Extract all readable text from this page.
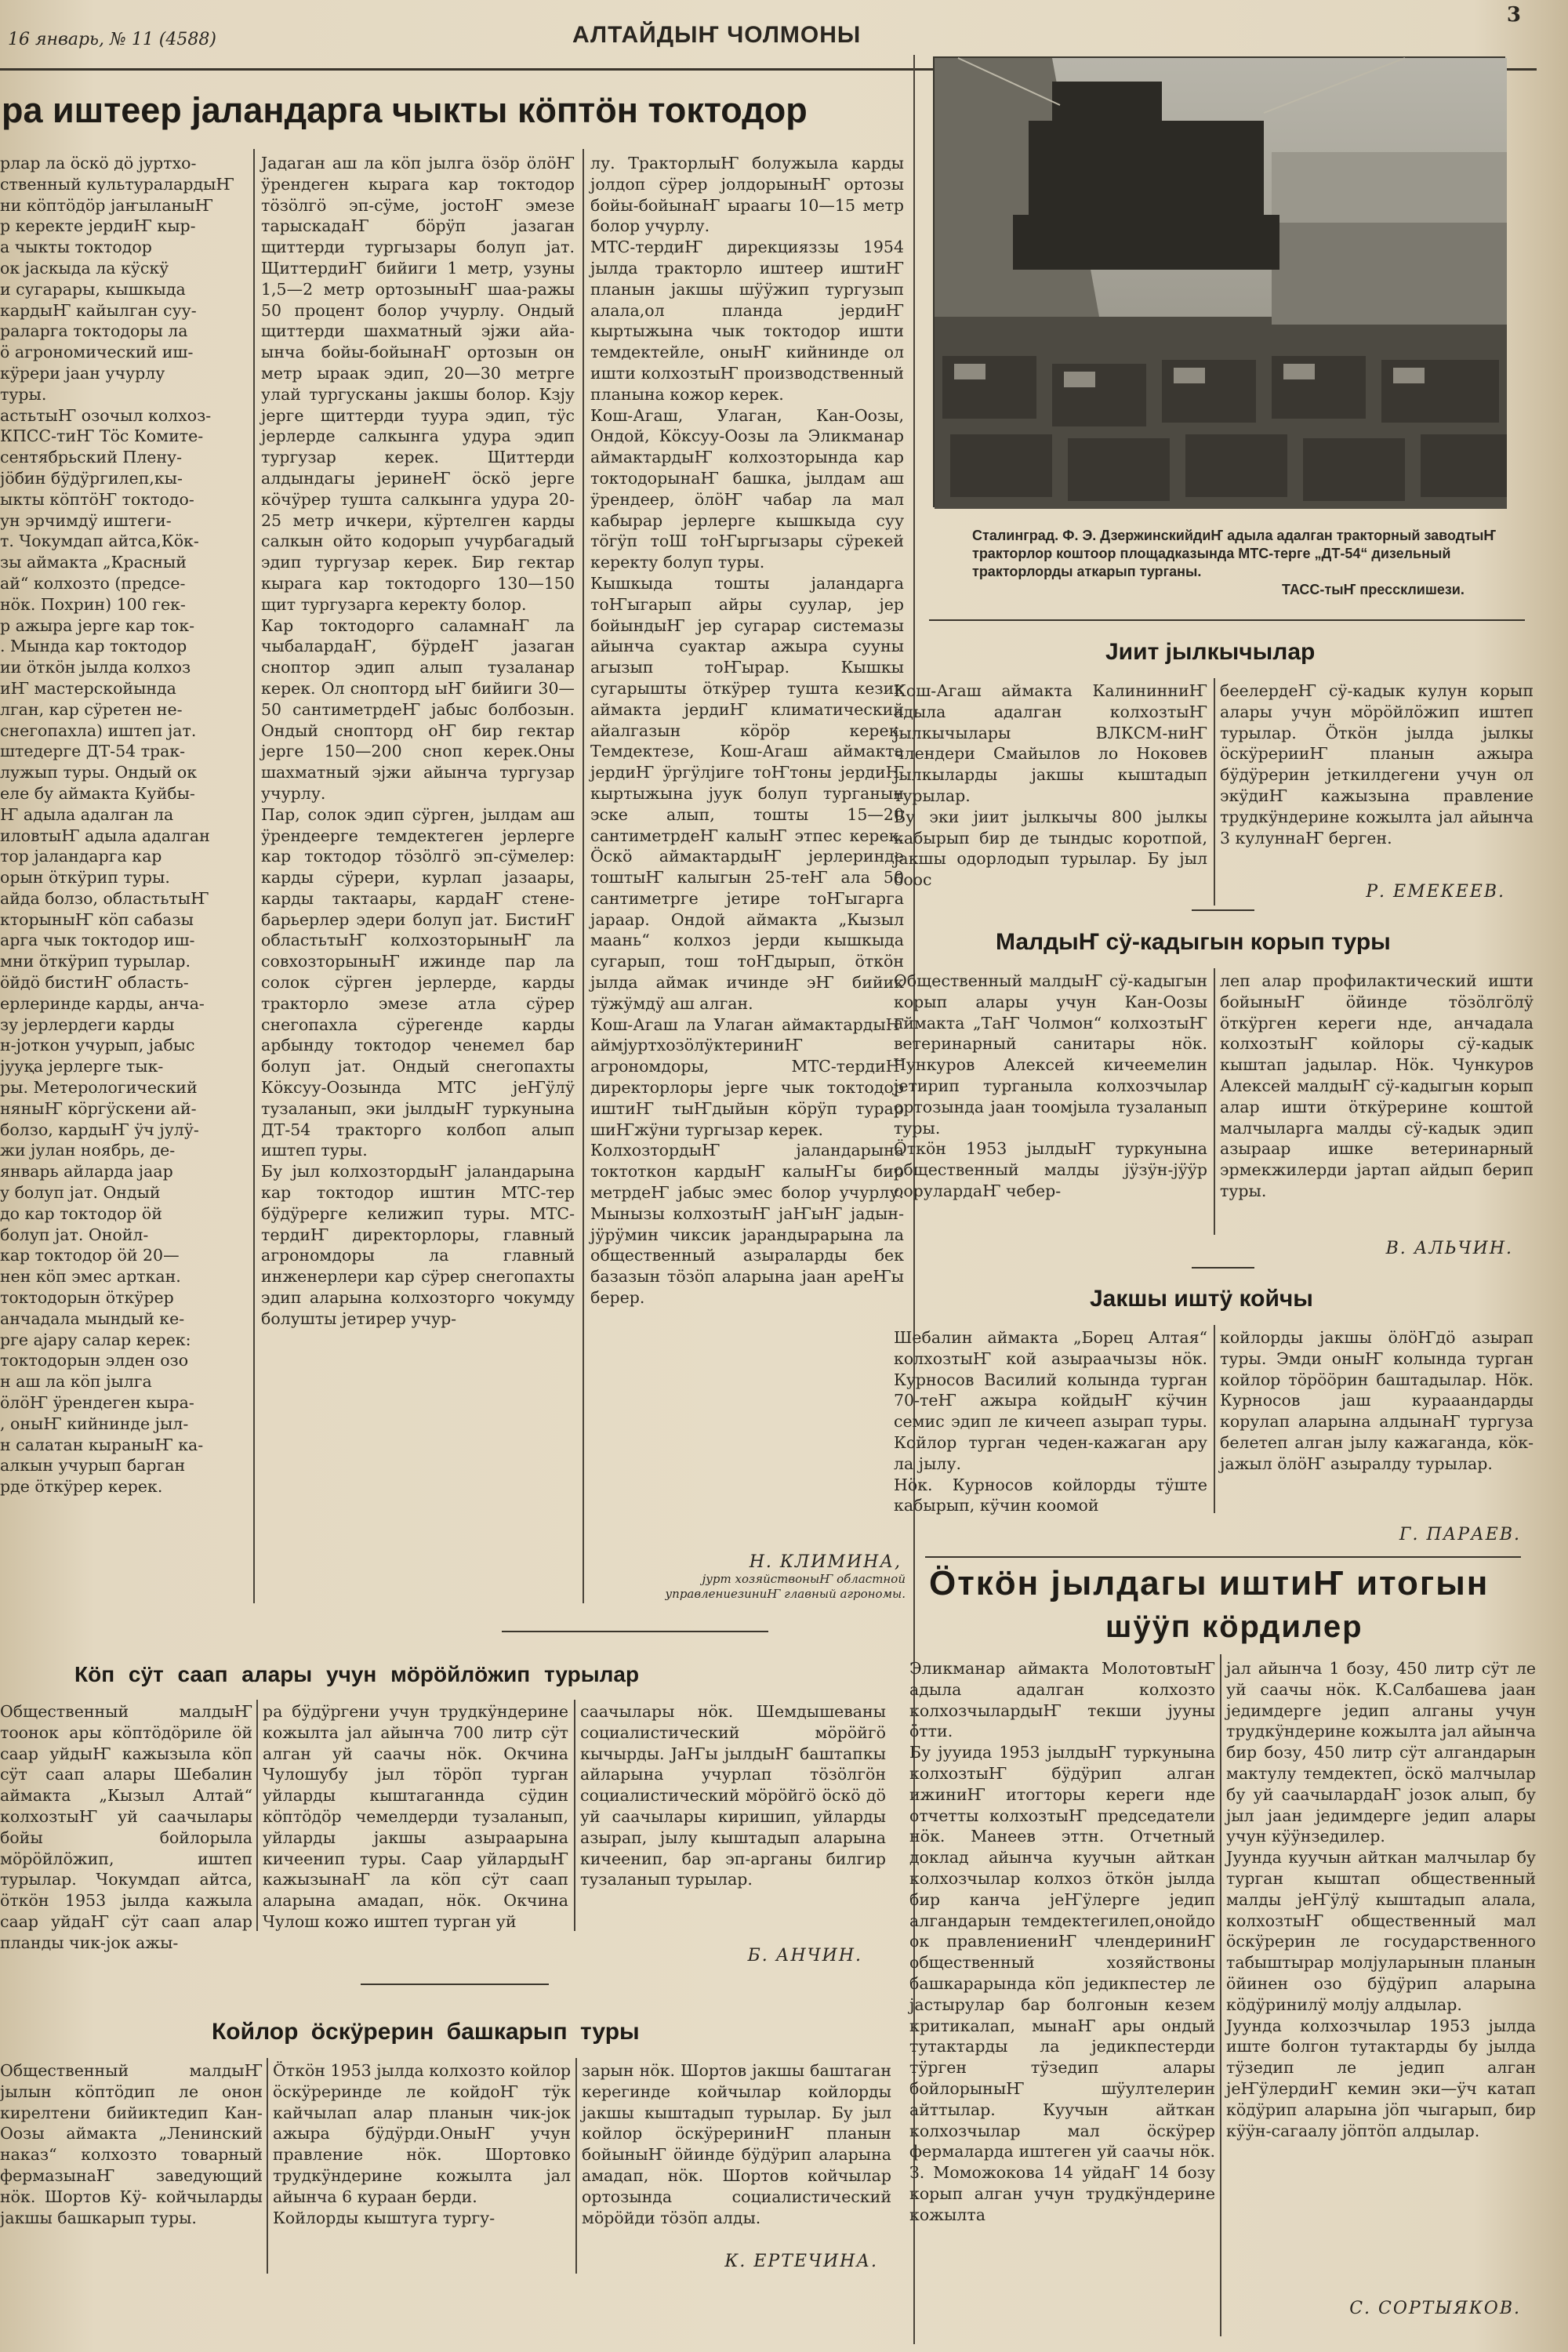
16 январь, № 11 (4588)	АЛТАЙДЫҤ ЧОЛМОНЫ
3
ра иштеер јаландарга чыкты кӧптӧн токтодор
рлар ла ӧскӧ дӧ јуртхо-
ственный культуралардыҤ
ни кӧптӧдӧр јаҥыланыҤ
р керекте јердиҤ кыр-
а чыкты токтодор
ок јаскыда ла кӱскӱ
и сугарары, кышкыда
кардыҤ кайылган суу-
раларга токтодоры ла
ӧ агрономический иш-
кӱрери јаан учурлу
туры.
астьтыҤ озочыл колхоз-
КПСС-тиҤ Тӧс Комите-
сентябрьский Плену-
јӧбин бӱдӱргилеп,кы-
ыкты кӧптӧҤ токтодо-
ун эрчимдӱ иштеги-
т. Чокумдап айтса,Кӧк-
зы аймакта „Красный
ай“ колхозто (предсе-
нӧк. Похрин) 100 гек-
р ажыра јерге кар ток-
. Мында кар токтодор
ии ӧткӧн јылда колхоз
иҤ мастерскойында
лган, кар сӱретен не-
снегопахла) иштеп јат.
штедерге ДТ-54 трак-
лужып туры. Ондый ок
еле бу аймакта Куйбы-
Ҥ адыла адалган ла
иловтыҤ адыла адалган
тор јаландарга кар
орын ӧткӱрип туры.
айда болзо, областьтыҤ
кторыныҤ кӧп сабазы
арга чык токтодор иш-
мни ӧткӱрип турылар.
ӧйдӧ бистиҤ область-
ерлеринде карды, анча-
зу јерлердеги карды
н-јоткон учурып, јабыс
јууқа јерлерге тык-
ры. Метерологический
няныҤ кӧргӱскени ай-
болзо, кардыҤ ӱч јулӱ-
жи јулан ноябрь, де-
январь айларда јаар
у болуп јат. Ондый
до кар токтодор ӧй
болуп јат. Онойл-
кар токтодор ӧй 20—
нен кӧп эмес арткан.
токтодорын ӧткӱрер
анчадала мындый ке-
рге ајару салар керек:
токтодорын элден озо
н аш ла кӧп јылга
ӧлӧҤ ӱрендеген кыра-
, оныҤ кийнинде јыл-
н салатан кыраныҤ ка-
алкын учурып барган
рде ӧткӱрер керек.
Јадаган аш ла кӧп јылга ӧзӧр ӧлӧҤ ӱрендеген кырага кар токтодор тӧзӧлгӧ эп-сӱме, јостоҤ эмезе тарыскадаҤ бӧрӱп јазаган щиттерди тургызары болуп јат. ЩиттердиҤ бийиги 1 метр, узуны 1,5—2 метр ортозыныҤ шаа-ражы 50 процент болор учурлу. Ондый щиттерди шахматный эјжи айа-ынча бойы-бойынаҤ ортозын он метр ыраак эдип, 20—30 метрге улай тургусканы јакшы болор. Кзју јерге щиттерди туура эдип, тӱс јерлерде салкынга удура эдип тургузар керек. Щиттерди алдындагы јеринеҤ ӧскӧ јерге кӧчӱрер тушта салкынга удура 20-25 метр ичкери, кӱртелген карды салкын ойто кодорып учурбагадый эдип тургузар керек. Бир гектар кырага кар токтодорго 130—150 щит тургузарга керекту болор.
Кар токтодорго саламнаҤ ла чыбалардаҤ, бӱрдеҤ јазаган сноптор эдип алып тузаланар керек. Ол снопторд ыҤ бийиги 30—50 сантиметрдеҤ јабыс болбозын. Ондый снопторд оҤ бир гектар јерге 150—200 сноп керек.Оны шахматный эјжи айынча тургузар учурлу.
Пар, солок эдип сӱрген, јылдам аш ӱрендеерге темдектеген јерлерге кар токтодор тӧзӧлгӧ эп-сӱмелер: карды сӱрери, курлап јазаары, карды тактаары, кардаҤ стене-барьерлер эдери болуп јат. БистиҤ областьтыҤ колхозторыныҤ ла совхозторыныҤ ижинде пар ла солок сӱрген јерлерде, карды тракторло эмезе атла сӱрер снегопахла сӱрегенде карды арбынду токтодор ченемел бар болуп јат. Ондый снегопахты Кӧксуу-Оозында МТС јеҤӱлӱ тузаланып, эки јылдыҤ туркунына ДТ-54 тракторго колбоп алып иштеп туры.
Бу јыл колхозтордыҤ јаландарына кар токтодор иштин МТС-тер бӱдӱрерге келижип туры. МТС-тердиҤ директорлоры, главный агрономдоры ла главный инженерлери кар сӱрер снегопахты эдип аларына колхозторго чокумду болушты јетирер учур-
лу. ТракторлыҤ болужыла карды јолдоп сӱрер јолдорыныҤ ортозы бойы-бойынаҤ ыраагы 10—15 метр болор учурлу.
МТС-тердиҤ дирекцияззы 1954 јылда тракторло иштеер иштиҤ планын јакшы шӱӱжип тургузып алала,ол планда јердиҤ кыртыжына чык токтодор ишти темдектейле, оныҤ кийнинде ол ишти колхозтыҤ производственный планына кожор керек.
Кош-Агаш, Улаган, Кан-Оозы, Ондой, Кӧксуу-Оозы ла Эликманар аймактардыҤ колхозторында кар токтодорынаҤ башка, јылдам аш ӱрендеер, ӧлӧҤ чабар ла мал кабырар јерлерге кышкыда суу тӧгӱп тоШ тоҤыргызары сӱрекей керекту болуп туры.
Кышкыда тошты јаландарга тоҤыгарып айры суулар, јер бойындыҤ јер сугарар системазы айынча суактар ажыра сууны агызып тоҤырар. Кышкы сугарышты ӧткӱрер тушта кезик аймакта јердиҤ климатический айалгазын кӧрӧр керек. Темдектезе, Кош-Агаш аймакта јердиҤ ӱргӱлјиге тоҤтоны јердиҤ кыртыжына јуук болуп турганын эске алып, тошты 15—20 сантиметрдеҤ калыҤ этпес керек. Ӧскӧ аймактардыҤ јерлеринде тоштыҤ калыгын 25-теҤ ала 50 сантиметрге јетире тоҤыгарга јараар. Ондой аймакта „Кызыл маань“ колхоз јерди кышкыда сугарып, тош тоҤдырып, ӧткӧн јылда аймак ичинде эҤ бийик тӱжӱмдӱ аш алган.
Кош-Агаш ла Улаган аймактардыҤ аймјуртхозӧлӱктериниҤ агрономдоры, МТС-тердиҤ директорлоры јерге чык токтодор иштиҤ тыҤдыйын кӧрӱп турар шиҤжӱни тургызар керек.
КолхозтордыҤ јаландарына токтоткон кардыҤ калыҤы бир метрдеҤ јабыс эмес болор учурлу. Мынызы колхозтыҤ јаҤыҤ јадын-јӱрӱмин чиксик јарандырарына ла общественный азыраларды бек базазын тӧзӧп аларына јаан ареҤы берер.
Н. КЛИМИНА,
јурт хозяйствоныҤ областной управлениезиниҤ главный агрономы.
Сталинград. Ф. Э. ДзержинскийдиҤ адыла адалган тракторный заводтыҤ тракторлор коштоор площадказында МТС-терге „ДТ-54“ дизельный тракторлорды аткарып турганы.
ТАСС-тыҤ прессклишези.
Јиит јылкычылар
Кош-Агаш аймакта КалининниҤ адыла адалган колхозтыҤ јылкычылары ВЛКСМ-ниҤ члендери Смайылов ло Ноковев јылкыларды јакшы кыштадып турылар.
Бу эки јиит јылкычы 800 јылкы кабырып бир де тындыс коротпой, јакшы одорлодып турылар. Бу јыл боос
беелердеҤ сӱ-кадык кулун корып алары учун мӧрӧйлӧжип иштеп турылар. Ӧткӧн јылда јылкы ӧскӱрерииҤ планын ажыра бӱдӱрерин јеткилдегени учун ол экӱдиҤ кажызына правление трудкӱндерине кожылта јал айынча 3 кулуннаҤ берген.
Р. ЕМЕКЕЕВ.
МалдыҤ сӱ-кадыгын корып туры
Общественный малдыҤ сӱ-кадыгын корып алары учун Кан-Оозы аймакта „ТаҤ Чолмон“ колхозтыҤ ветеринарный санитары нӧк. Чункуров Алексей кичеемелин јетирип турганыла колхозчылар ортозында јаан тоомјыла тузаланып туры.
Ӧткӧн 1953 јылдыҤ туркунына общественный малды јӱзӱн-јӱӱр оорулардаҤ чебер-
леп алар профилактический ишти бойыныҤ ӧйинде тӧзӧлгӧлӱ ӧткӱрген кереги нде, анчадала колхозтыҤ койлоры сӱ-кадык кыштап јадылар. Нӧк. Чункуров Алексей малдыҤ сӱ-кадыгын корып алар ишти ӧткӱрерине коштой малчыларга малды сӱ-кадык эдип азыраар ишке ветеринарный эрмекжилерди јартап айдып берип туры.
В. АЛЬЧИН.
Јакшы иштӱ койчы
Шебалин аймакта „Борец Алтая“ колхозтыҤ кой азыраачызы нӧк. Курносов Василий колында турган 70-теҤ ажыра койдыҤ кӱчин семис эдип ле кичееп азырап туры. Койлор турган чеден-кажаган ару ла јылу.
Нӧк. Курносов койлорды тӱште кабырып, кӱчин коомой
койлорды јакшы ӧлӧҤдӧ азырап туры. Эмди оныҤ колында турган койлор тӧрӧӧрин баштадылар. Нӧк. Курносов јаш курааандарды корулап аларына алдынаҤ тургуза белетеп алган јылу кажаганда, кӧк-јажыл ӧлӧҤ азыралду турылар.
Г. ПАРАЕВ.
Ӧткӧн јылдагы иштиҤ итогын
шӱӱп кӧрдилер
Эликманар аймакта МолотовтыҤ адыла адалган колхозто колхозчылардыҤ текши јууны ӧтти.
Бу јууида 1953 јылдыҤ туркунына колхозтыҤ бӱдӱрип алган ижиниҤ итогторы кереги нде отчетты колхозтыҤ председатели нӧк. Манеев эттн. Отчетный доклад айынча куучын айткан колхозчылар колхоз ӧткӧн јылда бир канча јеҤӱлерге једип алгандарын темдектегилеп,онойдо ок правлениениҤ члендериниҤ общественный хозяйствоны башкарарында кӧп једикпестер ле јастырулар бар болгонын кезем критикалап, мынаҤ ары ондый тутактарды ла једикпестерди тӱрген тӱзедип алары бойлорыныҤ шӱултелерин айттылар. Куучын айткан колхозчылар мал ӧскӱрер фермаларда иштеген уй саачы нӧк. З. Моможокова 14 уйдаҤ 14 бозу корып алган учун трудкӱндерине кожылта
јал айынча 1 бозу, 450 литр сӱт ле уй саачы нӧк. К.Салбашева јаан једимдерге једип алганы учун трудкӱндерине кожылта јал айынча бир бозу, 450 литр сӱт алгандарын мактулу темдектеп, ӧскӧ малчылар бу уй саачылардаҤ јозок алып, бу јыл јаан једимдерге једип алары учун кӱӱнзедилер.
Јуунда куучын айткан малчылар бу турган кыштап общественный малды јеҤӱлӱ кыштадып алала, колхозтыҤ общественный мал ӧскӱрерин ле государственного табыштырар молјуларынын планын ӧйинен озо бӱдӱрип аларына кӧдӱринилӱ молју алдылар.
Јуунда колхозчылар 1953 јылда иште болгон тутактарды бу јылда тӱзедип ле једип алган јеҤӱлердиҤ кемин эки—ӱч катап кӧдӱрип аларына јӧп чыгарып, бир кӱӱн-сагаалу јӧптӧп алдылар.
С. СОРТЫЯКОВ.
Кӧп сӱт саап алары учун мӧрӧйлӧжип турылар
Общественный малдыҤ тоонок ары кӧптӧдӧриле ӧй саар уйдыҤ кажызыла кӧп сӱт саап алары Шебалин аймакта „Кызыл Алтай“ колхозтыҤ уй саачылары бойы бойлорыла мӧрӧйлӧжип, иштеп турылар. Чокумдап айтса, ӧткӧн 1953 јылда кажыла саар уйдаҤ сӱт саап алар планды чик-јок ажы-
ра бӱдӱргени учун трудкӱндерине кожылта јал айынча 700 литр сӱт алган уй саачы нӧк. Окчина Чулошубу јыл тӧрӧп турган уйларды кыштаганнда сӱдин кӧптӧдӧр чемелдерди тузаланып, уйларды јакшы азыраарына кичеенип туры. Саар уйлардыҤ кажызынаҤ ла кӧп сӱт саап аларына амадап, нӧк. Окчина Чулош кожо иштеп турган уй
саачылары нӧк. Шемдышеваны социалистический мӧрӧйгӧ кычырды. ЈаҤы јылдыҤ баштапкы айларына учурлап тӧзӧлгӧн социалистический мӧрӧйгӧ ӧскӧ дӧ уй саачылары киришип, уйларды азырап, јылу кыштадып аларына кичеенип, бар эп-арганы билгир тузаланып турылар.
Б. АНЧИН.
Койлор ӧскӱрерин башкарып туры
Общественный малдыҤ јылын кӧптӧдип ле онон кирелтени бийиктедип Кан-Оозы аймакта „Ленинский наказ“ колхозто товарный фермазынаҤ заведующий нӧк. Шортов Кӱ- койчыларды јакшы башкарып туры.
Ӧткӧн 1953 јылда колхозто койлор ӧскӱреринде ле койдоҤ тӱк кайчылап алар планын чик-јок ажыра бӱдӱрди.ОныҤ учун правление нӧк. Шортовко трудкӱндерине кожылта јал айынча 6 кураан берди.
Койлорды кыштуга тургу-
зарын нӧк. Шортов јакшы баштаган керегинде койчылар койлорды јакшы кыштадып турылар. Бу јыл койлор ӧскӱрериниҤ планын бойыныҤ ӧйинде бӱдӱрип аларына амадап, нӧк. Шортов койчылар ортозында социалистический мӧрӧйди тӧзӧп алды.
К. ЕРТЕЧИНА.
